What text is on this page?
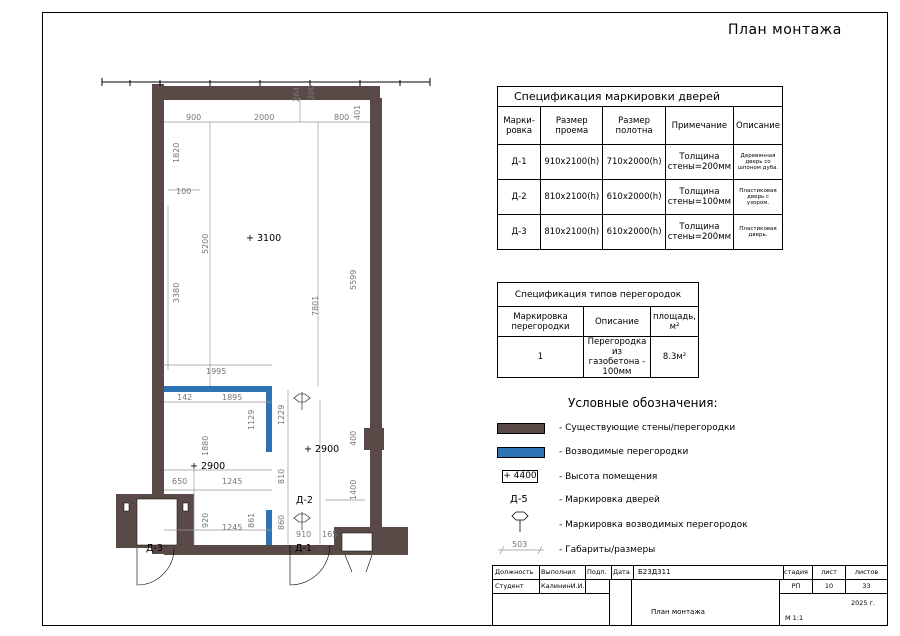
План монтажа
900	2000	800
264 200
401
1820
100
5200
3380
1995
142	1895
1880
1129	1229
7801
5599
400
1400
650	1245	810
861	860
920 1245
910 165
+ 3100
+ 2900
+ 2900
Д-1
Д-2
Д-3
Спецификация маркировки дверей				
Марки-ровка	Размер проема	Размер полотна	Примечание	Описание
Д-1	910x2100(h)	710x2000(h)	Толщина стены=200мм	Деревянная дверь со шпоном дуба.
Д-2	810x2100(h)	610x2000(h)	Толщина стены=100мм	Пластиковая дверь с узором.
Д-3	810x2100(h)	610x2000(h)	Толщина стены=200мм	Пластиковая дверь.
Спецификация типов перегородок		
Маркировка перегородки	Описание	площадь, м²
1	Перегородка из газобетона - 100мм	8.3м²
Условные обозначения:
- Существующие стены/перегородки
- Возводимые перегородки
+ 4400 - Высота помещения
Д-5	- Маркировка дверей
- Маркировка возводимых перегородок
503
- Габариты/размеры
Должность	Выполнил	Подп. Дата	Б23Д311
Студент	КалининИ.И.
План монтажа
стадия	лист	листов
РП	10	33
2025 г.
М 1:1
